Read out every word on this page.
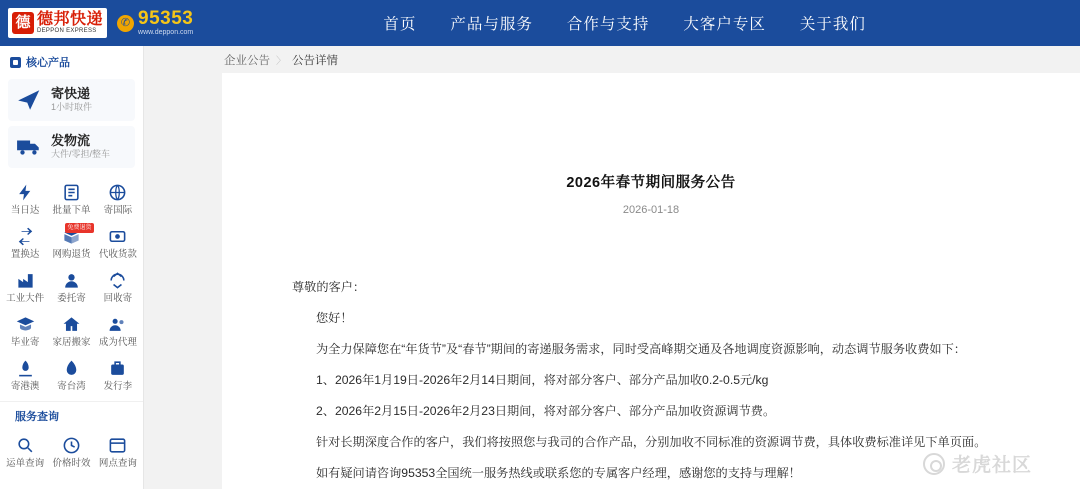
德 德邦快递
DEPPON EXPRESS
✆ 95353
www.deppon.com	首页 产品与服务 合作与支持 大客户专区 关于我们
核心产品
寄快递
1小时取件
发物流
大件/零担/整车
当日达 批量下单 寄国际
置换达
免费退货
网购退货 代收货款
工业大件 委托寄 回收寄
毕业寄 家居搬家 成为代理
寄港澳 寄台湾 发行李
服务查询
运单查询 价格时效 网点查询
企业公告 〉 公告详情
2026年春节期间服务公告
2026-01-18
尊敬的客户：
您好！
为全力保障您在“年货节”及“春节”期间的寄递服务需求，同时受高峰期交通及各地调度资源影响，动态调节服务收费如下：
1、2026年1月19日-2026年2月14日期间，将对部分客户、部分产品加收0.2-0.5元/kg
2、2026年2月15日-2026年2月23日期间，将对部分客户、部分产品加收资源调节费。
针对长期深度合作的客户，我们将按照您与我司的合作产品，分别加收不同标准的资源调节费，具体收费标准详见下单页面。
如有疑问请咨询95353全国统一服务热线或联系您的专属客户经理，感谢您的支持与理解！	老虎社区
